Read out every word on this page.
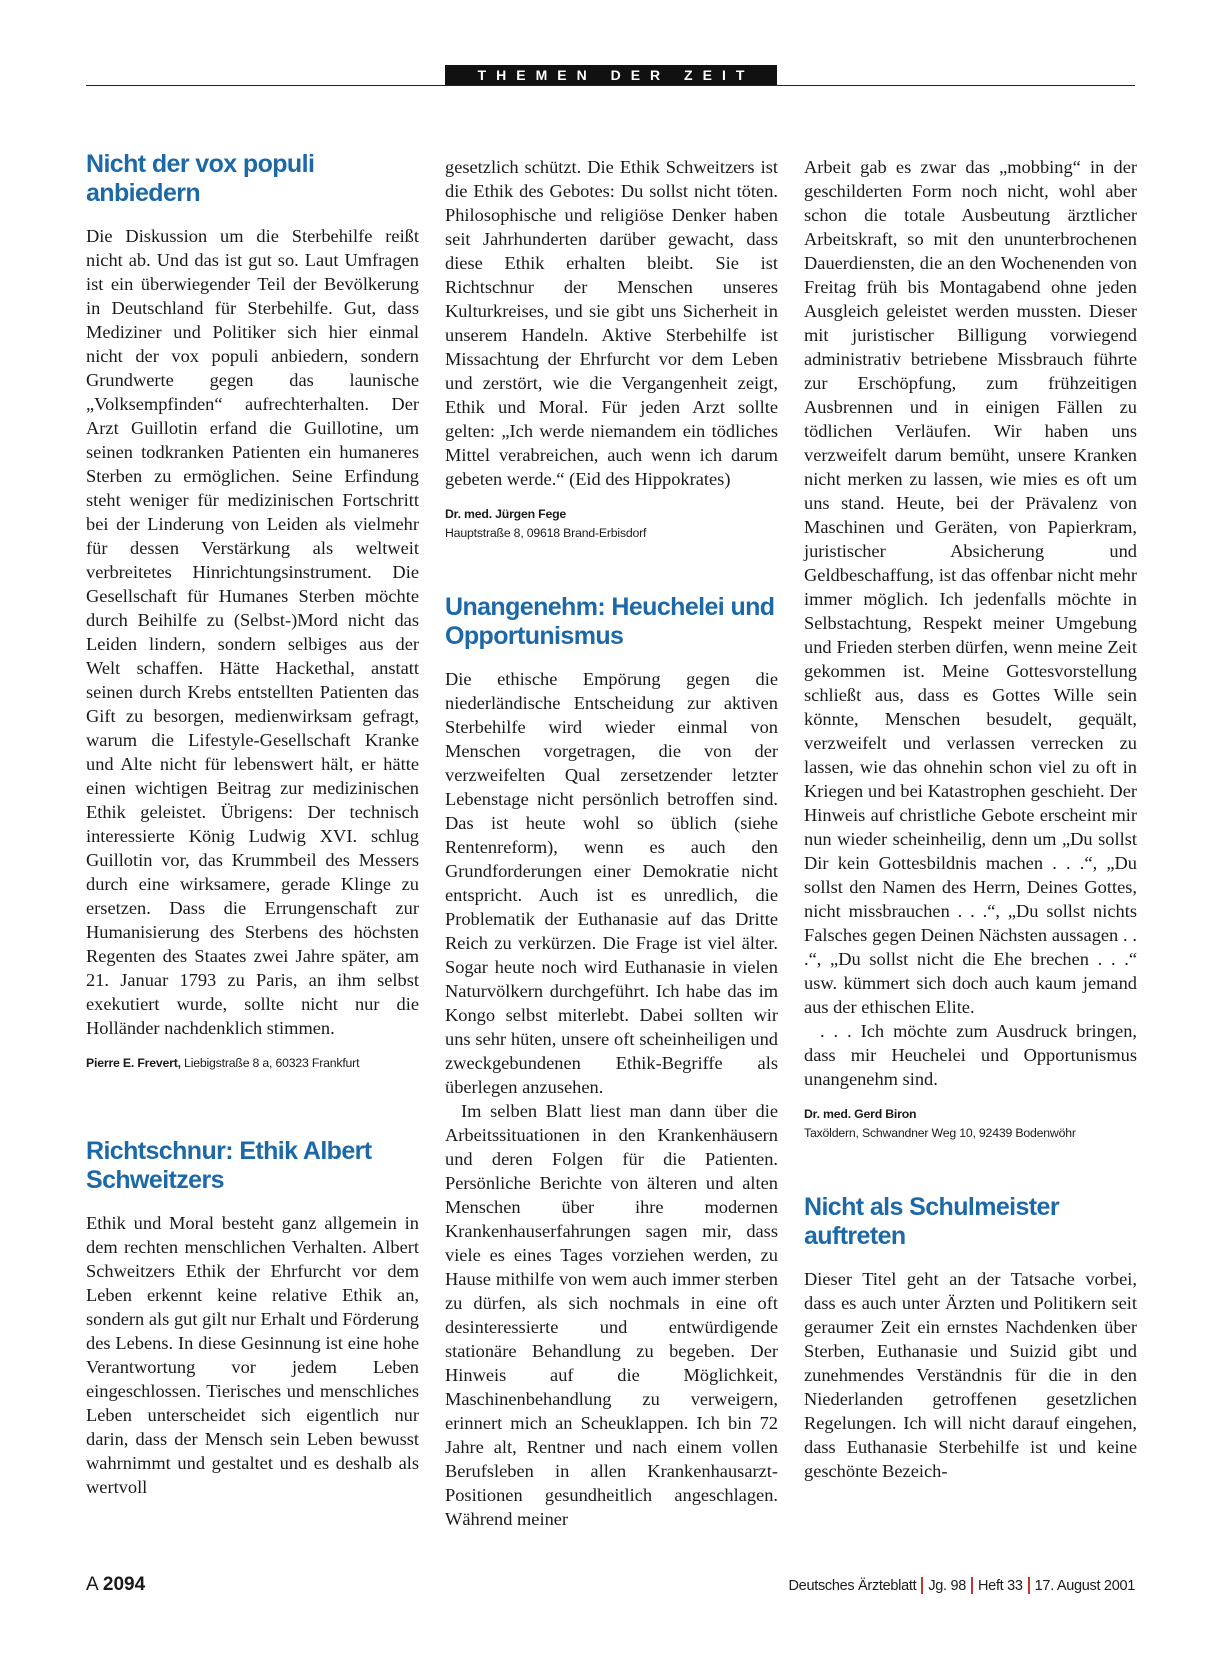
THEMEN DER ZEIT
Nicht der vox populi anbiedern

Die Diskussion um die Sterbehilfe reißt nicht ab. Und das ist gut so. Laut Umfragen ist ein überwiegender Teil der Bevölkerung in Deutschland für Sterbehilfe. Gut, dass Mediziner und Politiker sich hier einmal nicht der vox populi anbiedern, sondern Grundwerte gegen das launische „Volksempfinden“ aufrechterhalten. Der Arzt Guillotin erfand die Guillotine, um seinen todkranken Patienten ein humaneres Sterben zu ermöglichen. Seine Erfindung steht weniger für medizinischen Fortschritt bei der Linderung von Leiden als vielmehr für dessen Verstärkung als weltweit verbreitetes Hinrichtungsinstrument. Die Gesellschaft für Humanes Sterben möchte durch Beihilfe zu (Selbst-)Mord nicht das Leiden lindern, sondern selbiges aus der Welt schaffen. Hätte Hackethal, anstatt seinen durch Krebs entstellten Patienten das Gift zu besorgen, medienwirksam gefragt, warum die Lifestyle-Gesellschaft Kranke und Alte nicht für lebenswert hält, er hätte einen wichtigen Beitrag zur medizinischen Ethik geleistet. Übrigens: Der technisch interessierte König Ludwig XVI. schlug Guillotin vor, das Krummbeil des Messers durch eine wirksamere, gerade Klinge zu ersetzen. Dass die Errungenschaft zur Humanisierung des Sterbens des höchsten Regenten des Staates zwei Jahre später, am 21. Januar 1793 zu Paris, an ihm selbst exekutiert wurde, sollte nicht nur die Holländer nachdenklich stimmen.

Pierre E. Frevert, Liebigstraße 8 a, 60323 Frankfurt
Richtschnur: Ethik Albert Schweitzers

Ethik und Moral besteht ganz allgemein in dem rechten menschlichen Verhalten. Albert Schweitzers Ethik der Ehrfurcht vor dem Leben erkennt keine relative Ethik an, sondern als gut gilt nur Erhalt und Förderung des Lebens. In diese Gesinnung ist eine hohe Verantwortung vor jedem Leben eingeschlossen. Tierisches und menschliches Leben unterscheidet sich eigentlich nur darin, dass der Mensch sein Leben bewusst wahrnimmt und gestaltet und es deshalb als wertvoll

gesetzlich schützt. Die Ethik Schweitzers ist die Ethik des Gebotes: Du sollst nicht töten. Philosophische und religiöse Denker haben seit Jahrhunderten darüber gewacht, dass diese Ethik erhalten bleibt. Sie ist Richtschnur der Menschen unseres Kulturkreises, und sie gibt uns Sicherheit in unserem Handeln. Aktive Sterbehilfe ist Missachtung der Ehrfurcht vor dem Leben und zerstört, wie die Vergangenheit zeigt, Ethik und Moral. Für jeden Arzt sollte gelten: „Ich werde niemandem ein tödliches Mittel verabreichen, auch wenn ich darum gebeten werde.“ (Eid des Hippokrates)

Dr. med. Jürgen Fege
Hauptstraße 8, 09618 Brand-Erbisdorf
Unangenehm: Heuchelei und Opportunismus

Die ethische Empörung gegen die niederländische Entscheidung zur aktiven Sterbehilfe wird wieder einmal von Menschen vorgetragen, die von der verzweifelten Qual zersetzender letzter Lebenstage nicht persönlich betroffen sind. Das ist heute wohl so üblich (siehe Rentenreform), wenn es auch den Grundforderungen einer Demokratie nicht entspricht. Auch ist es unredlich, die Problematik der Euthanasie auf das Dritte Reich zu verkürzen. Die Frage ist viel älter. Sogar heute noch wird Euthanasie in vielen Naturvölkern durchgeführt. Ich habe das im Kongo selbst miterlebt. Dabei sollten wir uns sehr hüten, unsere oft scheinheiligen und zweckgebundenen Ethik-Begriffe als überlegen anzusehen.

Im selben Blatt liest man dann über die Arbeitssituationen in den Krankenhäusern und deren Folgen für die Patienten. Persönliche Berichte von älteren und alten Menschen über ihre modernen Krankenhauserfahrungen sagen mir, dass viele es eines Tages vorziehen werden, zu Hause mithilfe von wem auch immer sterben zu dürfen, als sich nochmals in eine oft desinteressierte und entwürdigende stationäre Behandlung zu begeben. Der Hinweis auf die Möglichkeit, Maschinenbehandlung zu verweigern, erinnert mich an Scheuklappen. Ich bin 72 Jahre alt, Rentner und nach einem vollen Berufsleben in allen Krankenhausarzt-Positionen gesundheitlich angeschlagen. Während meiner

Arbeit gab es zwar das „mobbing“ in der geschilderten Form noch nicht, wohl aber schon die totale Ausbeutung ärztlicher Arbeitskraft, so mit den ununterbrochenen Dauerdiensten, die an den Wochenenden von Freitag früh bis Montagabend ohne jeden Ausgleich geleistet werden mussten. Dieser mit juristischer Billigung vorwiegend administrativ betriebene Missbrauch führte zur Erschöpfung, zum frühzeitigen Ausbrennen und in einigen Fällen zu tödlichen Verläufen. Wir haben uns verzweifelt darum bemüht, unsere Kranken nicht merken zu lassen, wie mies es oft um uns stand. Heute, bei der Prävalenz von Maschinen und Geräten, von Papierkram, juristischer Absicherung und Geldbeschaffung, ist das offenbar nicht mehr immer möglich. Ich jedenfalls möchte in Selbstachtung, Respekt meiner Umgebung und Frieden sterben dürfen, wenn meine Zeit gekommen ist. Meine Gottesvorstellung schließt aus, dass es Gottes Wille sein könnte, Menschen besudelt, gequält, verzweifelt und verlassen verrecken zu lassen, wie das ohnehin schon viel zu oft in Kriegen und bei Katastrophen geschieht. Der Hinweis auf christliche Gebote erscheint mir nun wieder scheinheilig, denn um „Du sollst Dir kein Gottesbildnis machen . . .“, „Du sollst den Namen des Herrn, Deines Gottes, nicht missbrauchen . . .“, „Du sollst nichts Falsches gegen Deinen Nächsten aussagen . . .“, „Du sollst nicht die Ehe brechen . . .“ usw. kümmert sich doch auch kaum jemand aus der ethischen Elite.

. . . Ich möchte zum Ausdruck bringen, dass mir Heuchelei und Opportunismus unangenehm sind.

Dr. med. Gerd Biron
Taxöldern, Schwandner Weg 10, 92439 Bodenwöhr
Nicht als Schulmeister auftreten

Dieser Titel geht an der Tatsache vorbei, dass es auch unter Ärzten und Politikern seit geraumer Zeit ein ernstes Nachdenken über Sterben, Euthanasie und Suizid gibt und zunehmendes Verständnis für die in den Niederlanden getroffenen gesetzlichen Regelungen. Ich will nicht darauf eingehen, dass Euthanasie Sterbehilfe ist und keine geschönte Bezeich-

A 2094	Deutsches Ärzteblatt Jg. 98 Heft 33 17. August 2001
